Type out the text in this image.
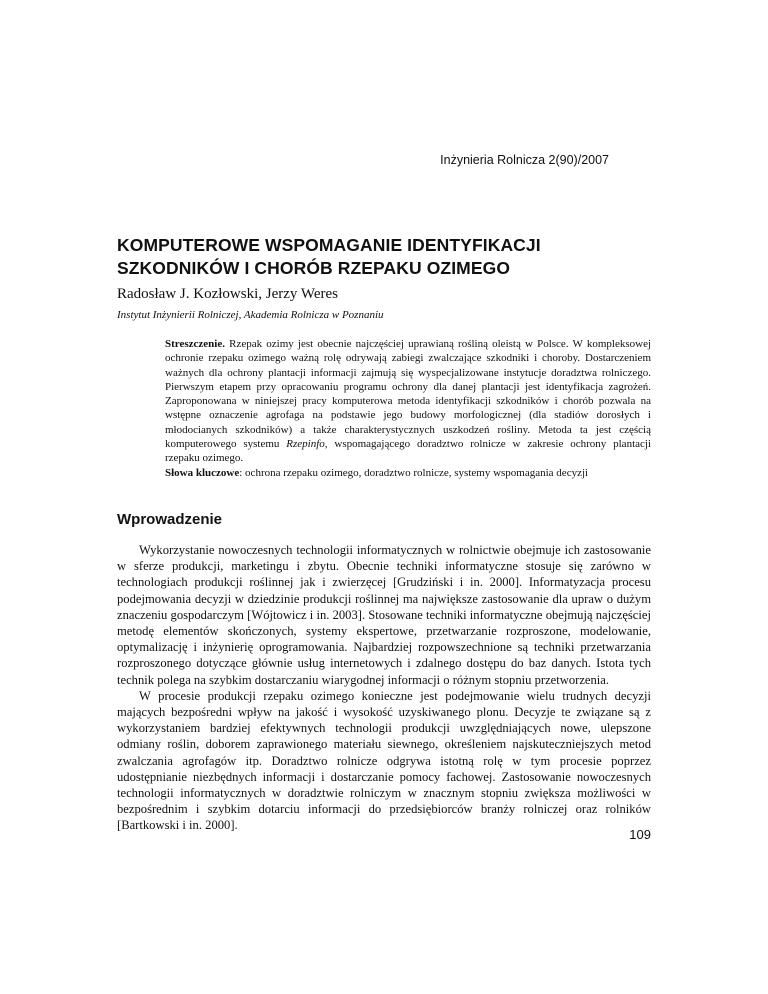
Inżynieria Rolnicza 2(90)/2007
KOMPUTEROWE WSPOMAGANIE IDENTYFIKACJI SZKODNIKÓW I CHORÓB RZEPAKU OZIMEGO
Radosław J. Kozłowski, Jerzy Weres
Instytut Inżynierii Rolniczej, Akademia Rolnicza w Poznaniu

Streszczenie. Rzepak ozimy jest obecnie najczęściej uprawianą rośliną oleistą w Polsce. W kompleksowej ochronie rzepaku ozimego ważną rolę odrywają zabiegi zwalczające szkodniki i choroby. Dostarczeniem ważnych dla ochrony plantacji informacji zajmują się wyspecjalizowane instytucje doradztwa rolniczego. Pierwszym etapem przy opracowaniu programu ochrony dla danej plantacji jest identyfikacja zagrożeń. Zaproponowana w niniejszej pracy komputerowa metoda identyfikacji szkodników i chorób pozwala na wstępne oznaczenie agrofaga na podstawie jego budowy morfologicznej (dla stadiów dorosłych i młodocianych szkodników) a także charakterystycznych uszkodzeń rośliny. Metoda ta jest częścią komputerowego systemu Rzepinfo, wspomagającego doradztwo rolnicze w zakresie ochrony plantacji rzepaku ozimego.

Słowa kluczowe: ochrona rzepaku ozimego, doradztwo rolnicze, systemy wspomagania decyzji

Wprowadzenie

Wykorzystanie nowoczesnych technologii informatycznych w rolnictwie obejmuje ich zastosowanie w sferze produkcji, marketingu i zbytu. Obecnie techniki informatyczne stosuje się zarówno w technologiach produkcji roślinnej jak i zwierzęcej [Grudziński i in. 2000]. Informatyzacja procesu podejmowania decyzji w dziedzinie produkcji roślinnej ma największe zastosowanie dla upraw o dużym znaczeniu gospodarczym [Wójtowicz i in. 2003]. Stosowane techniki informatyczne obejmują najczęściej metodę elementów skończonych, systemy ekspertowe, przetwarzanie rozproszone, modelowanie, optymalizację i inżynierię oprogramowania. Najbardziej rozpowszechnione są techniki przetwarzania rozproszonego dotyczące głównie usług internetowych i zdalnego dostępu do baz danych. Istota tych technik polega na szybkim dostarczaniu wiarygodnej informacji o różnym stopniu przetworzenia.

W procesie produkcji rzepaku ozimego konieczne jest podejmowanie wielu trudnych decyzji mających bezpośredni wpływ na jakość i wysokość uzyskiwanego plonu. Decyzje te związane są z wykorzystaniem bardziej efektywnych technologii produkcji uwzględniających nowe, ulepszone odmiany roślin, doborem zaprawionego materiału siewnego, określeniem najskuteczniejszych metod zwalczania agrofagów itp. Doradztwo rolnicze odgrywa istotną rolę w tym procesie poprzez udostępnianie niezbędnych informacji i dostarczanie pomocy fachowej. Zastosowanie nowoczesnych technologii informatycznych w doradztwie rolniczym w znacznym stopniu zwiększa możliwości w bezpośrednim i szybkim dotarciu informacji do przedsiębiorców branży rolniczej oraz rolników [Bartkowski i in. 2000].

109
